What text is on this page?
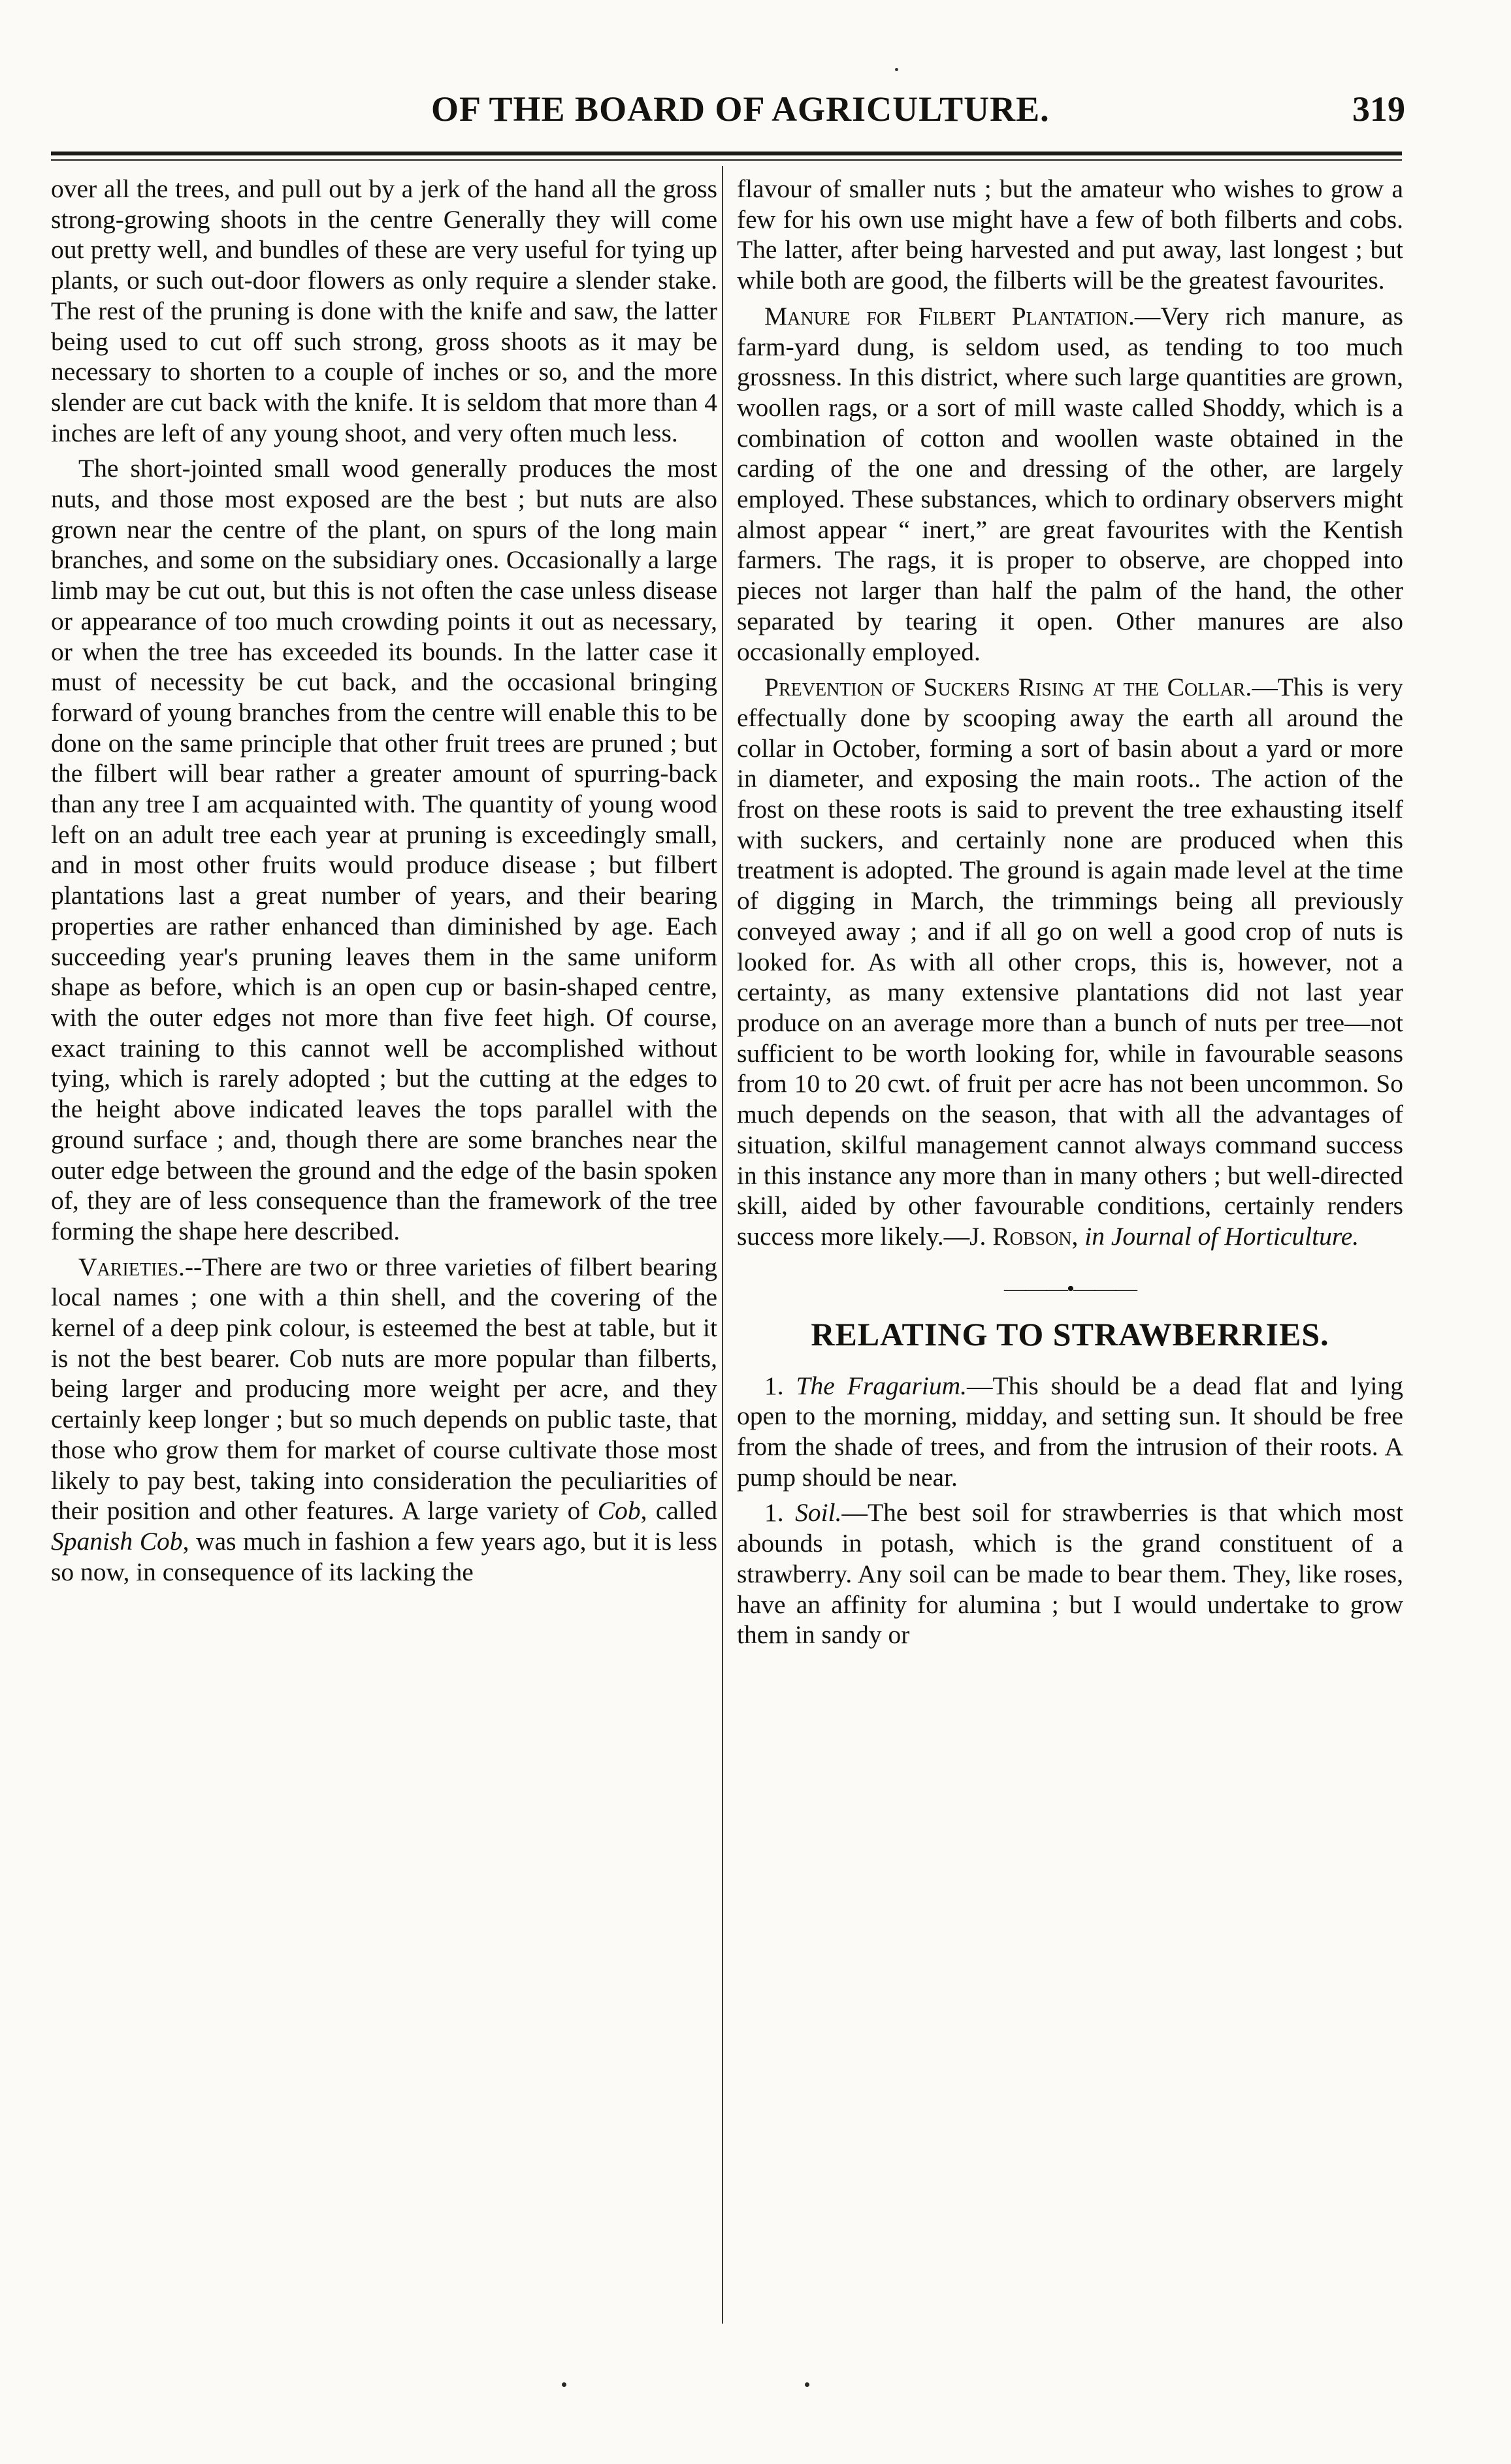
OF THE BOARD OF AGRICULTURE.	319

over all the trees, and pull out by a jerk of the hand all the gross strong-growing shoots in the centre Generally they will come out pretty well, and bundles of these are very useful for tying up plants, or such out-door flowers as only require a slender stake. The rest of the pruning is done with the knife and saw, the latter being used to cut off such strong, gross shoots as it may be necessary to shorten to a couple of inches or so, and the more slender are cut back with the knife. It is seldom that more than 4 inches are left of any young shoot, and very often much less.

The short-jointed small wood generally produces the most nuts, and those most exposed are the best ; but nuts are also grown near the centre of the plant, on spurs of the long main branches, and some on the subsidiary ones. Occasionally a large limb may be cut out, but this is not often the case unless disease or appearance of too much crowding points it out as necessary, or when the tree has exceeded its bounds. In the latter case it must of necessity be cut back, and the occasional bringing forward of young branches from the centre will enable this to be done on the same principle that other fruit trees are pruned ; but the filbert will bear rather a greater amount of spurring-back than any tree I am acquainted with. The quantity of young wood left on an adult tree each year at pruning is exceedingly small, and in most other fruits would produce disease ; but filbert plantations last a great number of years, and their bearing properties are rather enhanced than diminished by age. Each succeeding year's pruning leaves them in the same uniform shape as before, which is an open cup or basin-shaped centre, with the outer edges not more than five feet high. Of course, exact training to this cannot well be accomplished without tying, which is rarely adopted ; but the cutting at the edges to the height above indicated leaves the tops parallel with the ground surface ; and, though there are some branches near the outer edge between the ground and the edge of the basin spoken of, they are of less consequence than the framework of the tree forming the shape here described.

Varieties.--There are two or three varieties of filbert bearing local names ; one with a thin shell, and the covering of the kernel of a deep pink colour, is esteemed the best at table, but it is not the best bearer. Cob nuts are more popular than filberts, being larger and producing more weight per acre, and they certainly keep longer ; but so much depends on public taste, that those who grow them for market of course cultivate those most likely to pay best, taking into consideration the peculiarities of their position and other features. A large variety of Cob, called Spanish Cob, was much in fashion a few years ago, but it is less so now, in consequence of its lacking the

flavour of smaller nuts ; but the amateur who wishes to grow a few for his own use might have a few of both filberts and cobs. The latter, after being harvested and put away, last longest ; but while both are good, the filberts will be the greatest favourites.

Manure for Filbert Plantation.—Very rich manure, as farm-yard dung, is seldom used, as tending to too much grossness. In this district, where such large quantities are grown, woollen rags, or a sort of mill waste called Shoddy, which is a combination of cotton and woollen waste obtained in the carding of the one and dressing of the other, are largely employed. These substances, which to ordinary observers might almost appear “ inert,” are great favourites with the Kentish farmers. The rags, it is proper to observe, are chopped into pieces not larger than half the palm of the hand, the other separated by tearing it open. Other manures are also occasionally employed.

Prevention of Suckers Rising at the Collar.—This is very effectually done by scooping away the earth all around the collar in October, forming a sort of basin about a yard or more in diameter, and exposing the main roots.. The action of the frost on these roots is said to prevent the tree exhausting itself with suckers, and certainly none are produced when this treatment is adopted. The ground is again made level at the time of digging in March, the trimmings being all previously conveyed away ; and if all go on well a good crop of nuts is looked for. As with all other crops, this is, however, not a certainty, as many extensive plantations did not last year produce on an average more than a bunch of nuts per tree—not sufficient to be worth looking for, while in favourable seasons from 10 to 20 cwt. of fruit per acre has not been uncommon. So much depends on the season, that with all the advantages of situation, skilful management cannot always command success in this instance any more than in many others ; but well-directed skill, aided by other favourable conditions, certainly renders success more likely.—J. Robson, in Journal of Horticulture.

———•———
RELATING TO STRAWBERRIES.

1. The Fragarium.—This should be a dead flat and lying open to the morning, midday, and setting sun. It should be free from the shade of trees, and from the intrusion of their roots. A pump should be near.

1. Soil.—The best soil for strawberries is that which most abounds in potash, which is the grand constituent of a strawberry. Any soil can be made to bear them. They, like roses, have an affinity for alumina ; but I would undertake to grow them in sandy or
